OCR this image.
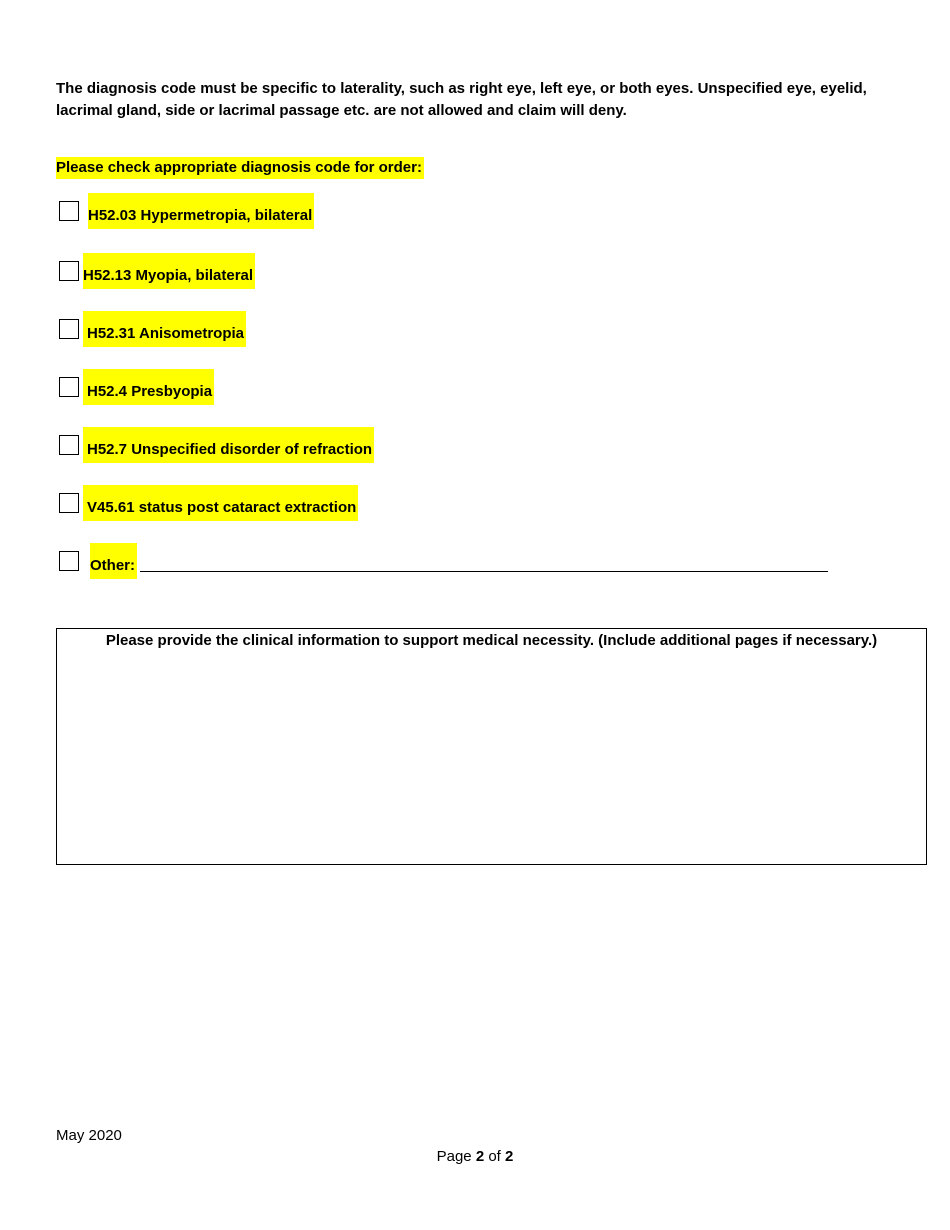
The diagnosis code must be specific to laterality, such as right eye, left eye, or both eyes. Unspecified eye, eyelid, lacrimal gland, side or lacrimal passage etc. are not allowed and claim will deny.
Please check appropriate diagnosis code for order:
H52.03 Hypermetropia, bilateral
H52.13 Myopia, bilateral
H52.31 Anisometropia
H52.4 Presbyopia
H52.7 Unspecified disorder of refraction
V45.61 status post cataract extraction
Other:
Please provide the clinical information to support medical necessity. (Include additional pages if necessary.)
May 2020
Page 2 of 2
